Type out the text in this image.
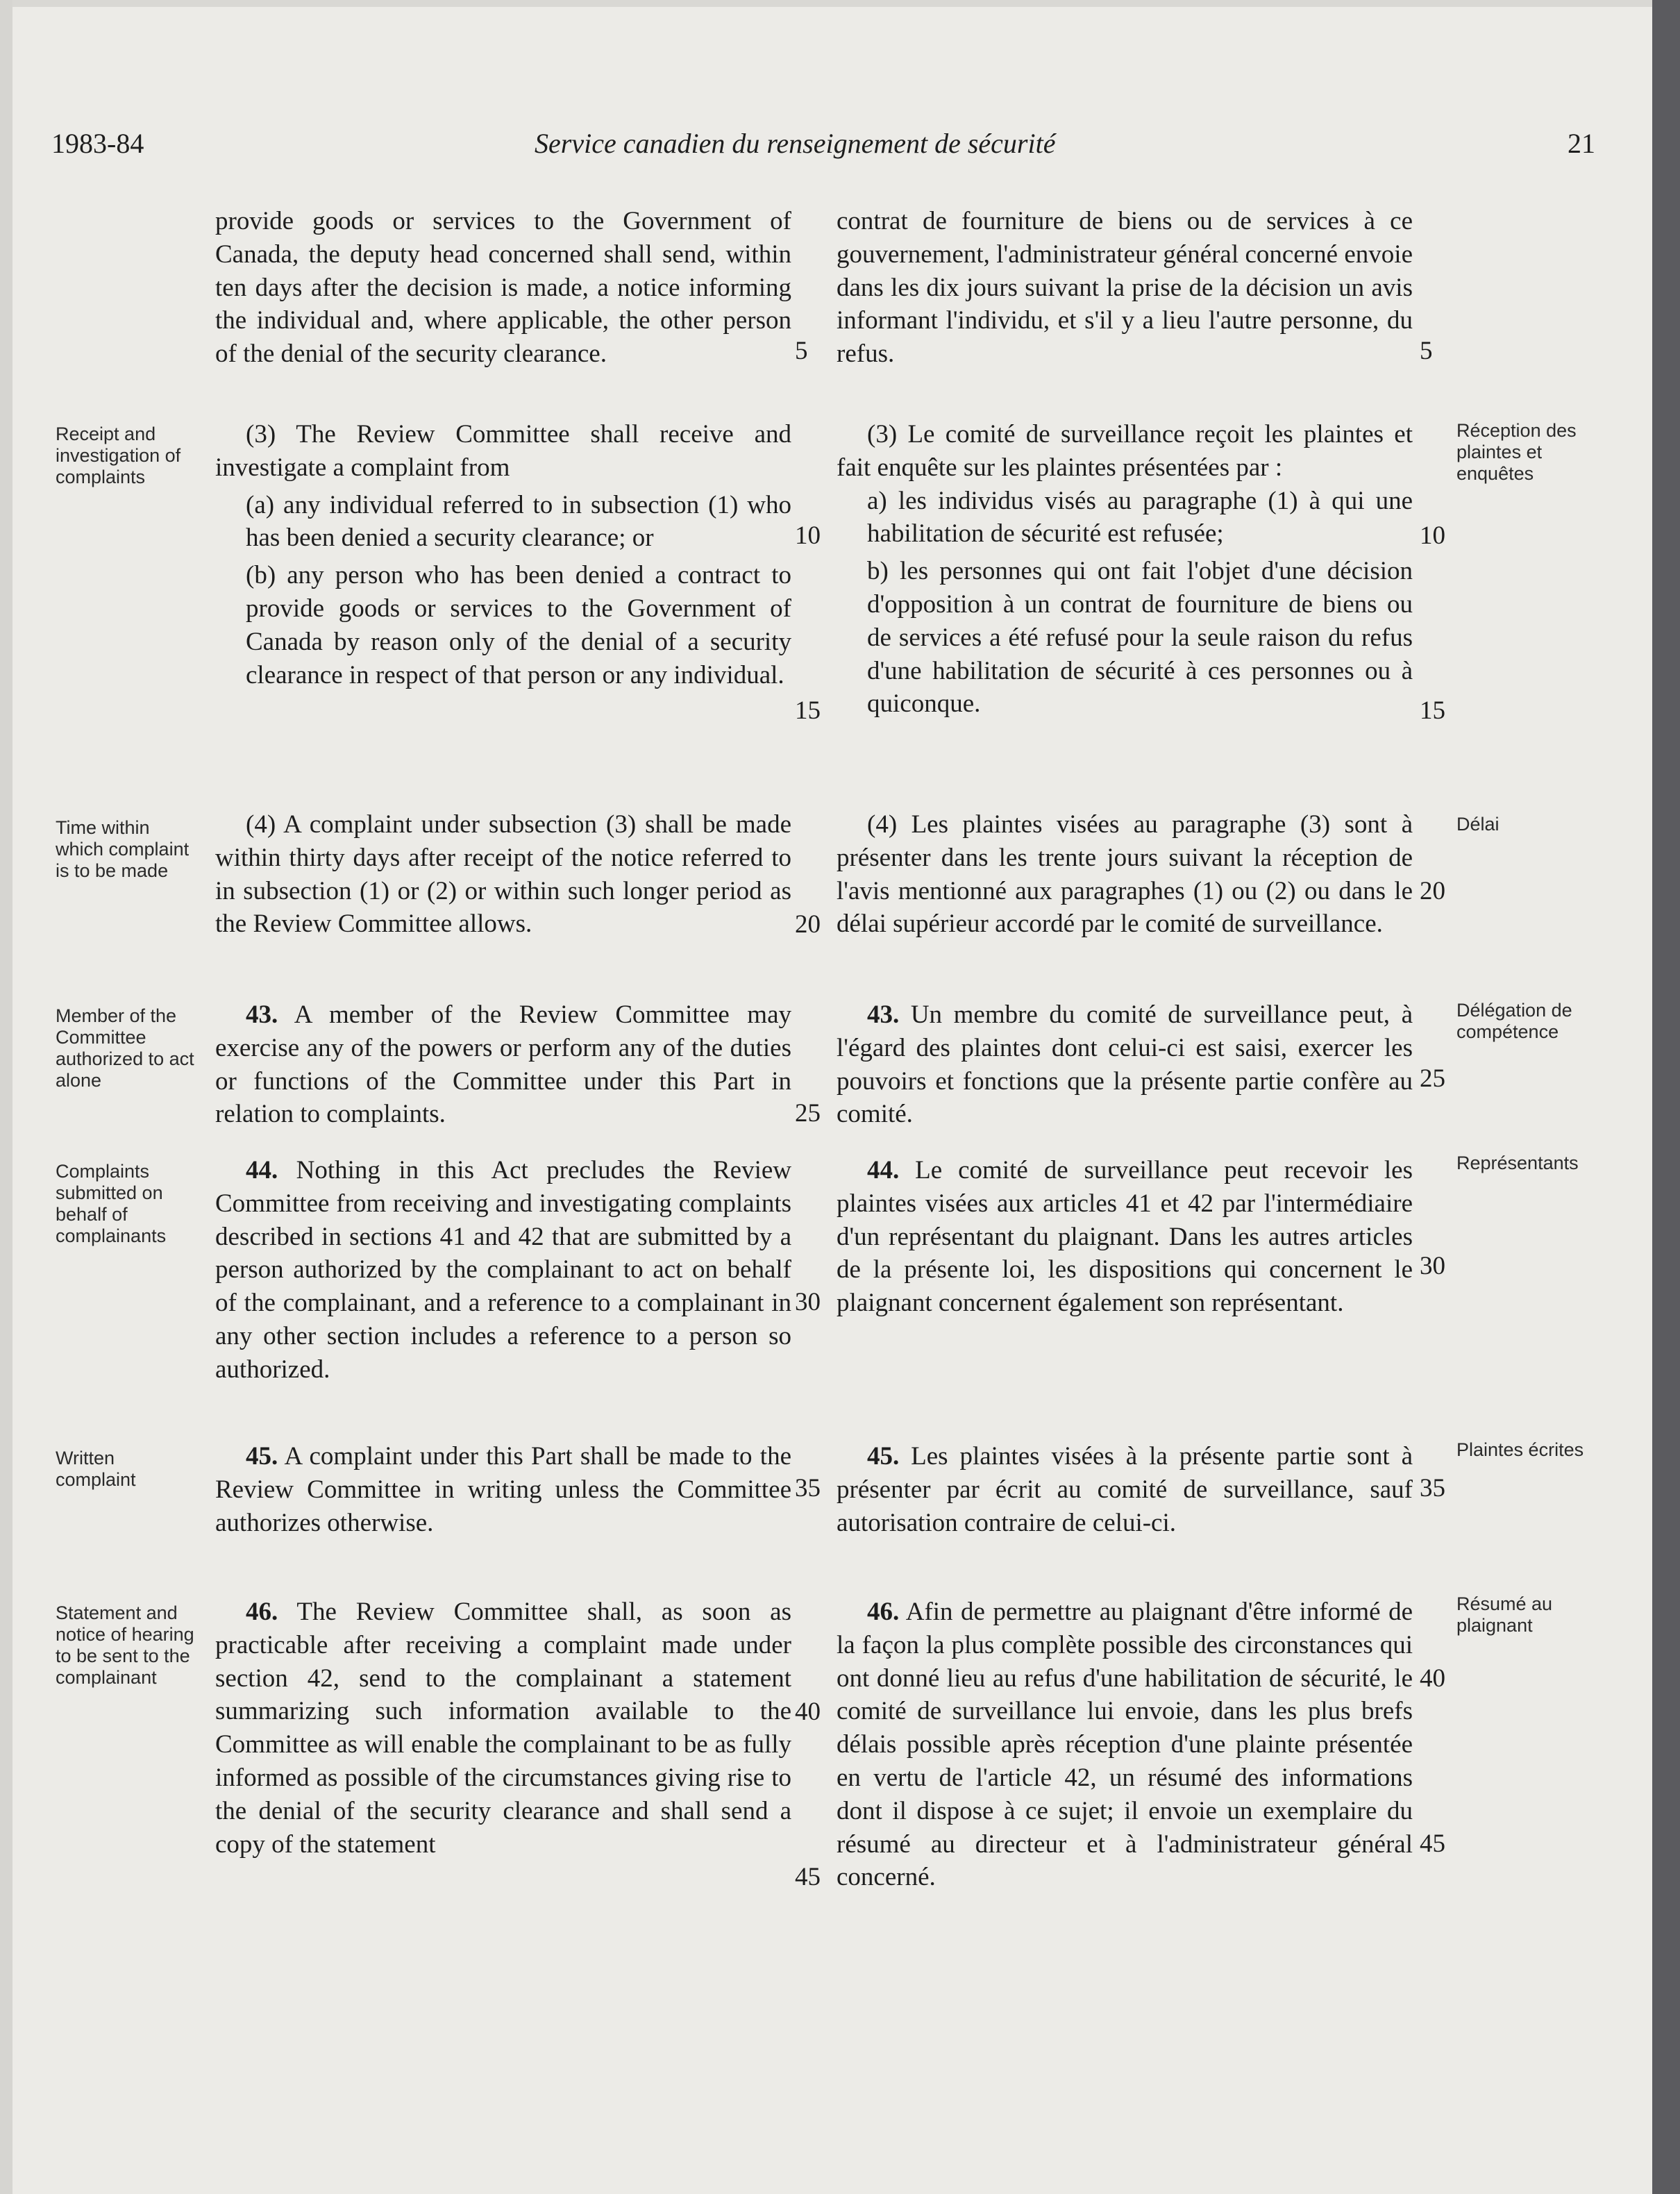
1983-84	Service canadien du renseignement de sécurité	21

provide goods or services to the Government of Canada, the deputy head concerned shall send, within ten days after the decision is made, a notice informing the individual and, where applicable, the other person of the denial of the security clearance.

contrat de fourniture de biens ou de services à ce gouvernement, l'administrateur général concerné envoie dans les dix jours suivant la prise de la décision un avis informant l'individu, et s'il y a lieu l'autre personne, du refus.

Receipt and investigation of complaints
Réception des plaintes et enquêtes

(3) The Review Committee shall receive and investigate a complaint from

(a) any individual referred to in subsection (1) who has been denied a security clearance; or

(b) any person who has been denied a contract to provide goods or services to the Government of Canada by reason only of the denial of a security clearance in respect of that person or any individual.

(3) Le comité de surveillance reçoit les plaintes et fait enquête sur les plaintes présentées par :

a) les individus visés au paragraphe (1) à qui une habilitation de sécurité est refusée;

b) les personnes qui ont fait l'objet d'une décision d'opposition à un contrat de fourniture de biens ou de services a été refusé pour la seule raison du refus d'une habilitation de sécurité à ces personnes ou à quiconque.

Time within which complaint is to be made
Délai

(4) A complaint under subsection (3) shall be made within thirty days after receipt of the notice referred to in subsection (1) or (2) or within such longer period as the Review Committee allows.

(4) Les plaintes visées au paragraphe (3) sont à présenter dans les trente jours suivant la réception de l'avis mentionné aux paragraphes (1) ou (2) ou dans le délai supérieur accordé par le comité de surveillance.

Member of the Committee authorized to act alone
Délégation de compétence

43. A member of the Review Committee may exercise any of the powers or perform any of the duties or functions of the Committee under this Part in relation to complaints.

43. Un membre du comité de surveillance peut, à l'égard des plaintes dont celui-ci est saisi, exercer les pouvoirs et fonctions que la présente partie confère au comité.

Complaints submitted on behalf of complainants
Représentants

44. Nothing in this Act precludes the Review Committee from receiving and investigating complaints described in sections 41 and 42 that are submitted by a person authorized by the complainant to act on behalf of the complainant, and a reference to a complainant in any other section includes a reference to a person so authorized.

44. Le comité de surveillance peut recevoir les plaintes visées aux articles 41 et 42 par l'intermédiaire d'un représentant du plaignant. Dans les autres articles de la présente loi, les dispositions qui concernent le plaignant concernent également son représentant.

Written complaint
Plaintes écrites

45. A complaint under this Part shall be made to the Review Committee in writing unless the Committee authorizes otherwise.

45. Les plaintes visées à la présente partie sont à présenter par écrit au comité de surveillance, sauf autorisation contraire de celui-ci.

Statement and notice of hearing to be sent to the complainant
Résumé au plaignant

46. The Review Committee shall, as soon as practicable after receiving a complaint made under section 42, send to the complainant a statement summarizing such information available to the Committee as will enable the complainant to be as fully informed as possible of the circumstances giving rise to the denial of the security clearance and shall send a copy of the statement

46. Afin de permettre au plaignant d'être informé de la façon la plus complète possible des circonstances qui ont donné lieu au refus d'une habilitation de sécurité, le comité de surveillance lui envoie, dans les plus brefs délais possible après réception d'une plainte présentée en vertu de l'article 42, un résumé des informations dont il dispose à ce sujet; il envoie un exemplaire du résumé au directeur et à l'administrateur général concerné.

5
10
15
20
25
30
35
40
45
5
10
15
20
25
30
35
40
45
